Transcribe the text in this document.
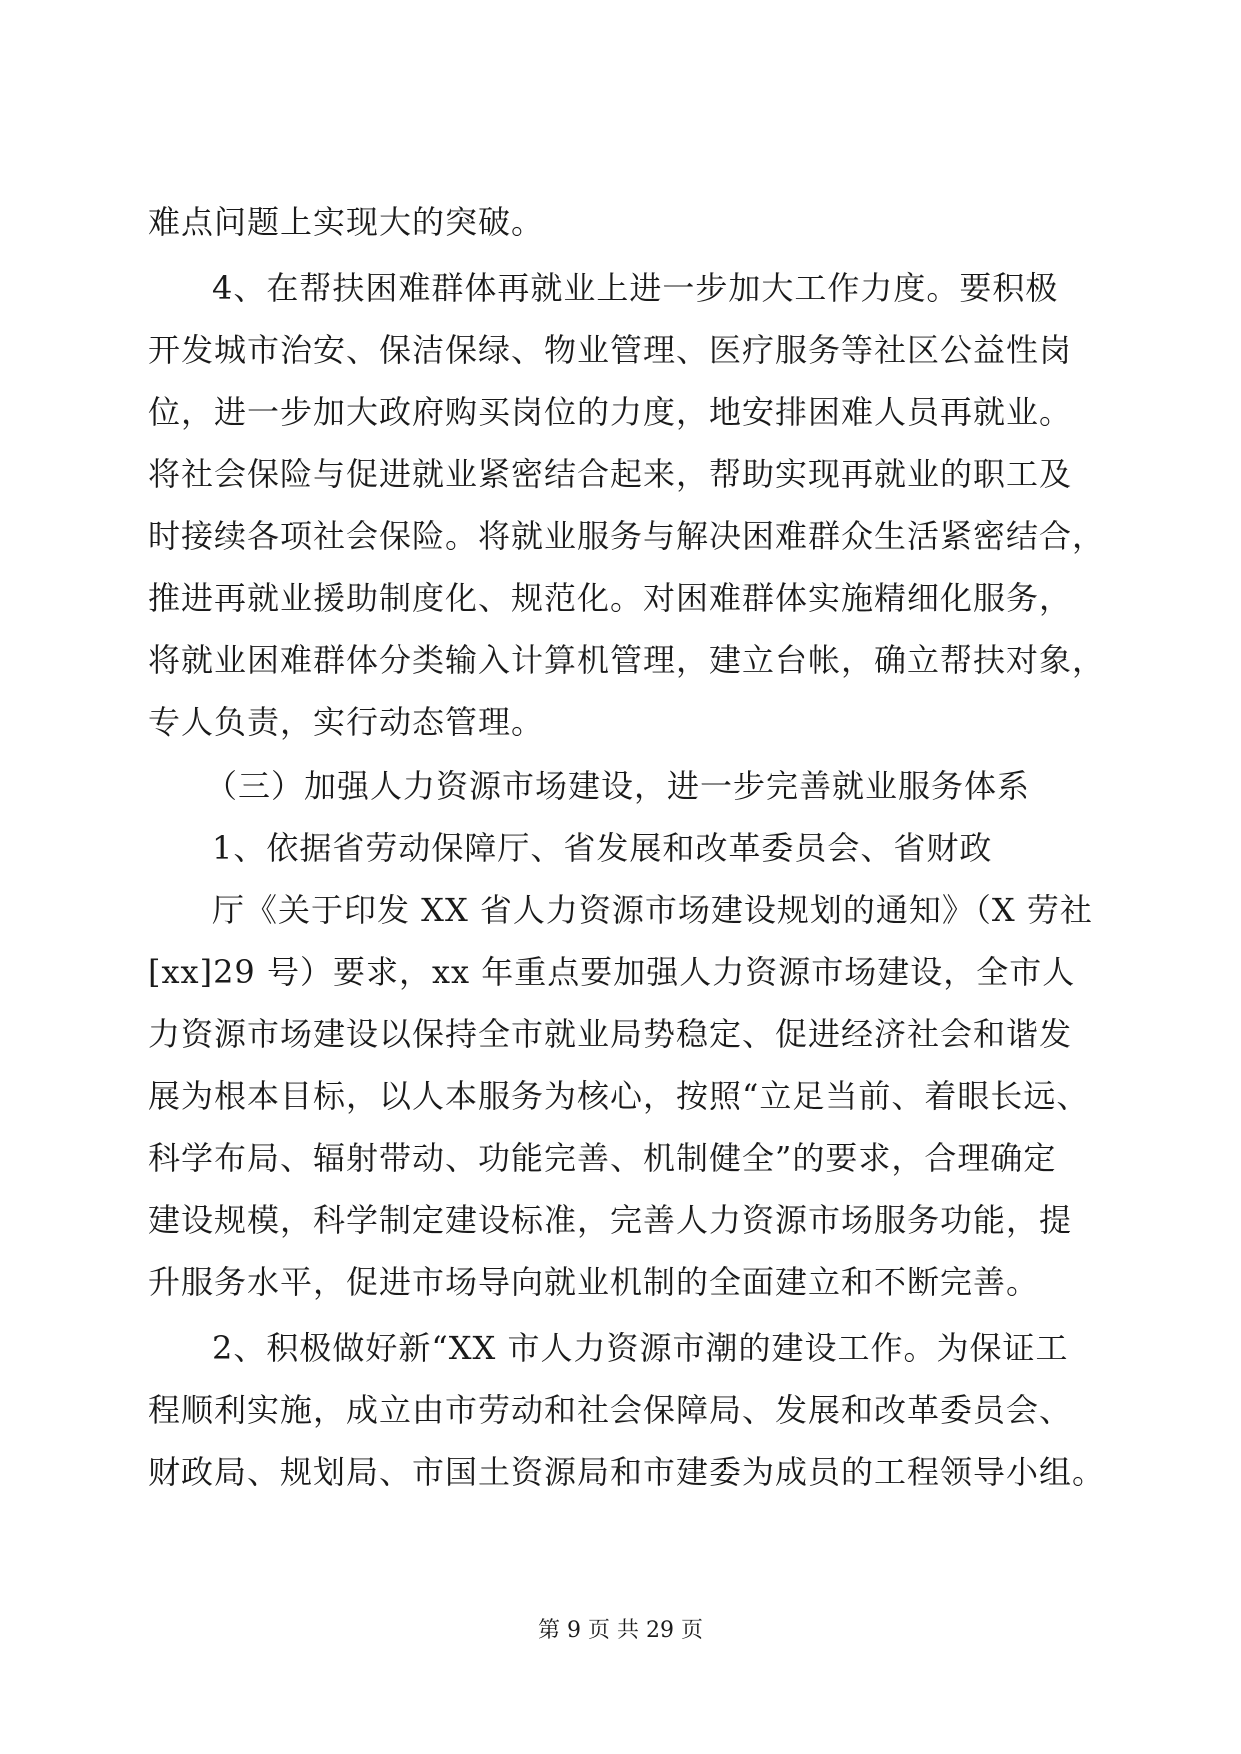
难点问题上实现大的突破。
4、在帮扶困难群体再就业上进一步加大工作力度。要积极
开发城市治安、保洁保绿、物业管理、医疗服务等社区公益性岗
位，进一步加大政府购买岗位的力度，地安排困难人员再就业。
将社会保险与促进就业紧密结合起来，帮助实现再就业的职工及
时接续各项社会保险。将就业服务与解决困难群众生活紧密结合，
推进再就业援助制度化、规范化。对困难群体实施精细化服务，
将就业困难群体分类输入计算机管理，建立台帐，确立帮扶对象，
专人负责，实行动态管理。
（三）加强人力资源市场建设，进一步完善就业服务体系
1、依据省劳动保障厅、省发展和改革委员会、省财政
厅《关于印发 XX 省人力资源市场建设规划的通知》（X 劳社
[xx]29 号）要求，xx 年重点要加强人力资源市场建设，全市人
力资源市场建设以保持全市就业局势稳定、促进经济社会和谐发
展为根本目标，以人本服务为核心，按照“立足当前、着眼长远、
科学布局、辐射带动、功能完善、机制健全”的要求，合理确定
建设规模，科学制定建设标准，完善人力资源市场服务功能，提
升服务水平，促进市场导向就业机制的全面建立和不断完善。
2、积极做好新“XX 市人力资源市潮的建设工作。为保证工
程顺利实施，成立由市劳动和社会保障局、发展和改革委员会、
财政局、规划局、市国土资源局和市建委为成员的工程领导小组。
第 9 页 共 29 页
